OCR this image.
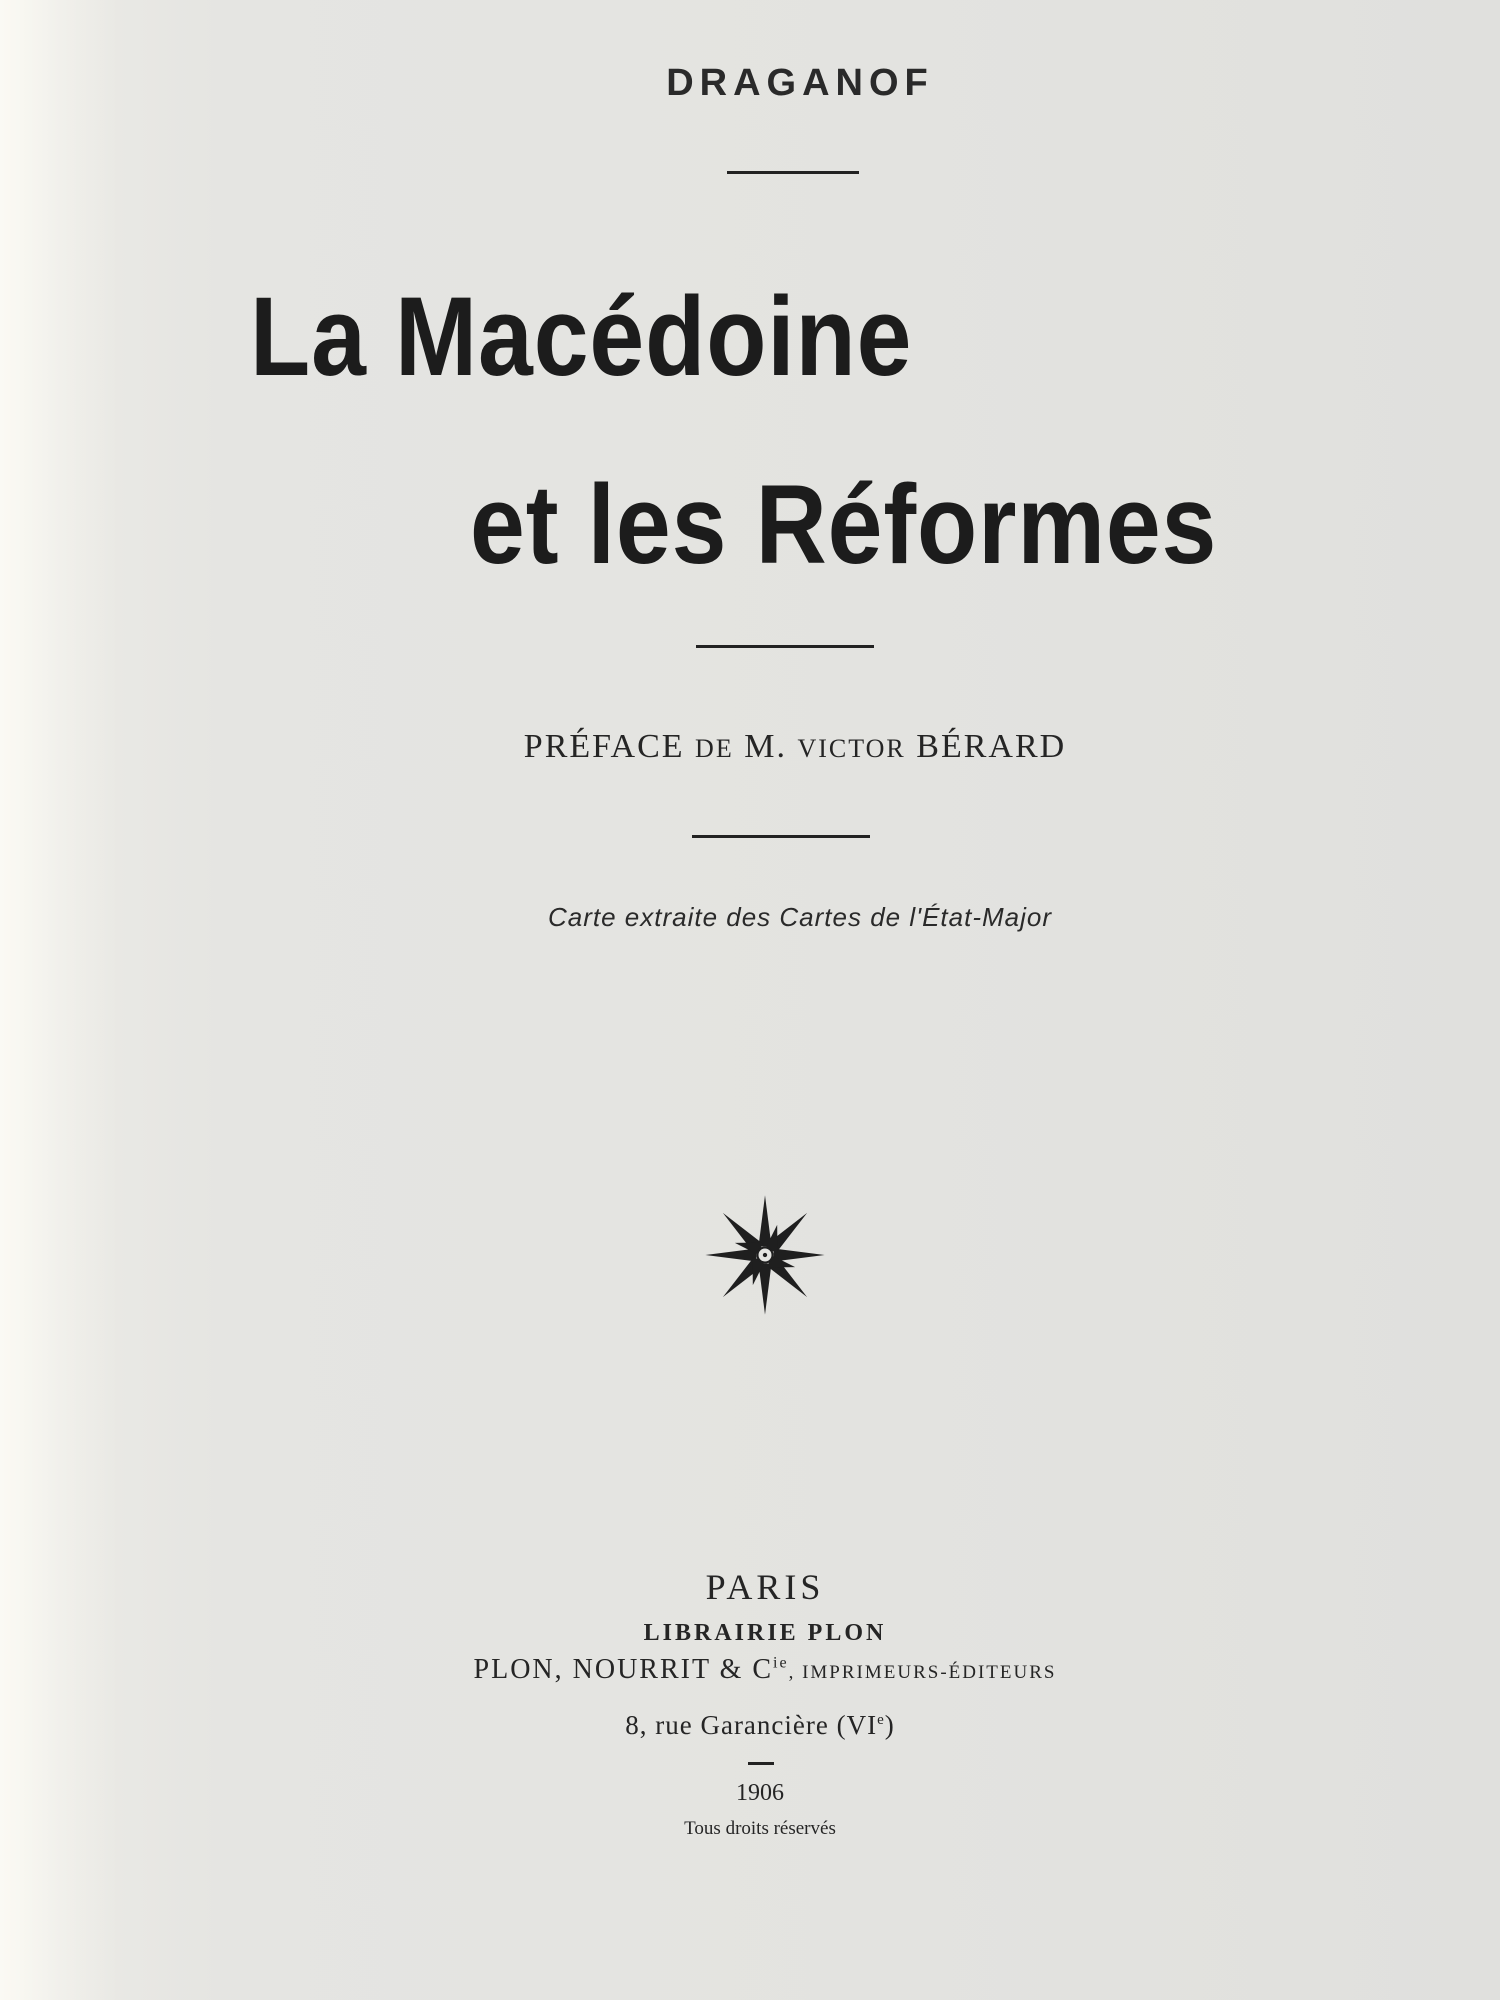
DRAGANOF
La Macédoine
et les Réformes
PRÉFACE DE M. VICTOR BÉRARD
Carte extraite des Cartes de l'État-Major
PARIS
LIBRAIRIE PLON
PLON, NOURRIT & $C^{ie}$, IMPRIMEURS-ÉDITEURS
8, rue Garancière (VIe)
1906
Tous droits réservés
